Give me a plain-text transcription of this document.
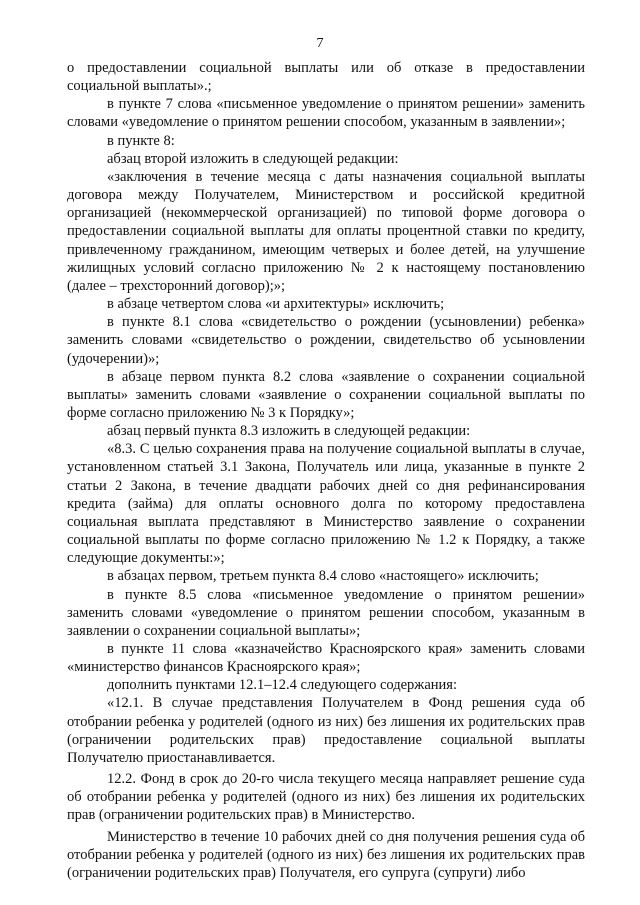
7

о предоставлении социальной выплаты или об отказе в предоставлении социальной выплаты».;

в пункте 7 слова «письменное уведомление о принятом решении» заменить словами «уведомление о принятом решении способом, указанным в заявлении»;

в пункте 8:

абзац второй изложить в следующей редакции:

«заключения в течение месяца с даты назначения социальной выплаты договора между Получателем, Министерством и российской кредитной организацией (некоммерческой организацией) по типовой форме договора о предоставлении социальной выплаты для оплаты процентной ставки по кредиту, привлеченному гражданином, имеющим четверых и более детей, на улучшение жилищных условий согласно приложению № 2 к настоящему постановлению (далее – трехсторонний договор);»;

в абзаце четвертом слова «и архитектуры» исключить;

в пункте 8.1 слова «свидетельство о рождении (усыновлении) ребенка» заменить словами «свидетельство о рождении, свидетельство об усыновлении (удочерении)»;

в абзаце первом пункта 8.2 слова «заявление о сохранении социальной выплаты» заменить словами «заявление о сохранении социальной выплаты по форме согласно приложению № 3 к Порядку»;

абзац первый пункта 8.3 изложить в следующей редакции:

«8.3. С целью сохранения права на получение социальной выплаты в случае, установленном статьей 3.1 Закона, Получатель или лица, указанные в пункте 2 статьи 2 Закона, в течение двадцати рабочих дней со дня рефинансирования кредита (займа) для оплаты основного долга по которому предоставлена социальная выплата представляют в Министерство заявление о сохранении социальной выплаты по форме согласно приложению № 1.2 к Порядку, а также следующие документы:»;

в абзацах первом, третьем пункта 8.4 слово «настоящего» исключить;

в пункте 8.5 слова «письменное уведомление о принятом решении» заменить словами «уведомление о принятом решении способом, указанным в заявлении о сохранении социальной выплаты»;

в пункте 11 слова «казначейство Красноярского края» заменить словами «министерство финансов Красноярского края»;

дополнить пунктами 12.1–12.4 следующего содержания:

«12.1. В случае представления Получателем в Фонд решения суда об отобрании ребенка у родителей (одного из них) без лишения их родительских прав (ограничении родительских прав) предоставление социальной выплаты Получателю приостанавливается.

12.2. Фонд в срок до 20-го числа текущего месяца направляет решение суда об отобрании ребенка у родителей (одного из них) без лишения их родительских прав (ограничении родительских прав) в Министерство.

Министерство в течение 10 рабочих дней со дня получения решения суда об отобрании ребенка у родителей (одного из них) без лишения их родительских прав (ограничении родительских прав) Получателя, его супруга (супруги) либо
